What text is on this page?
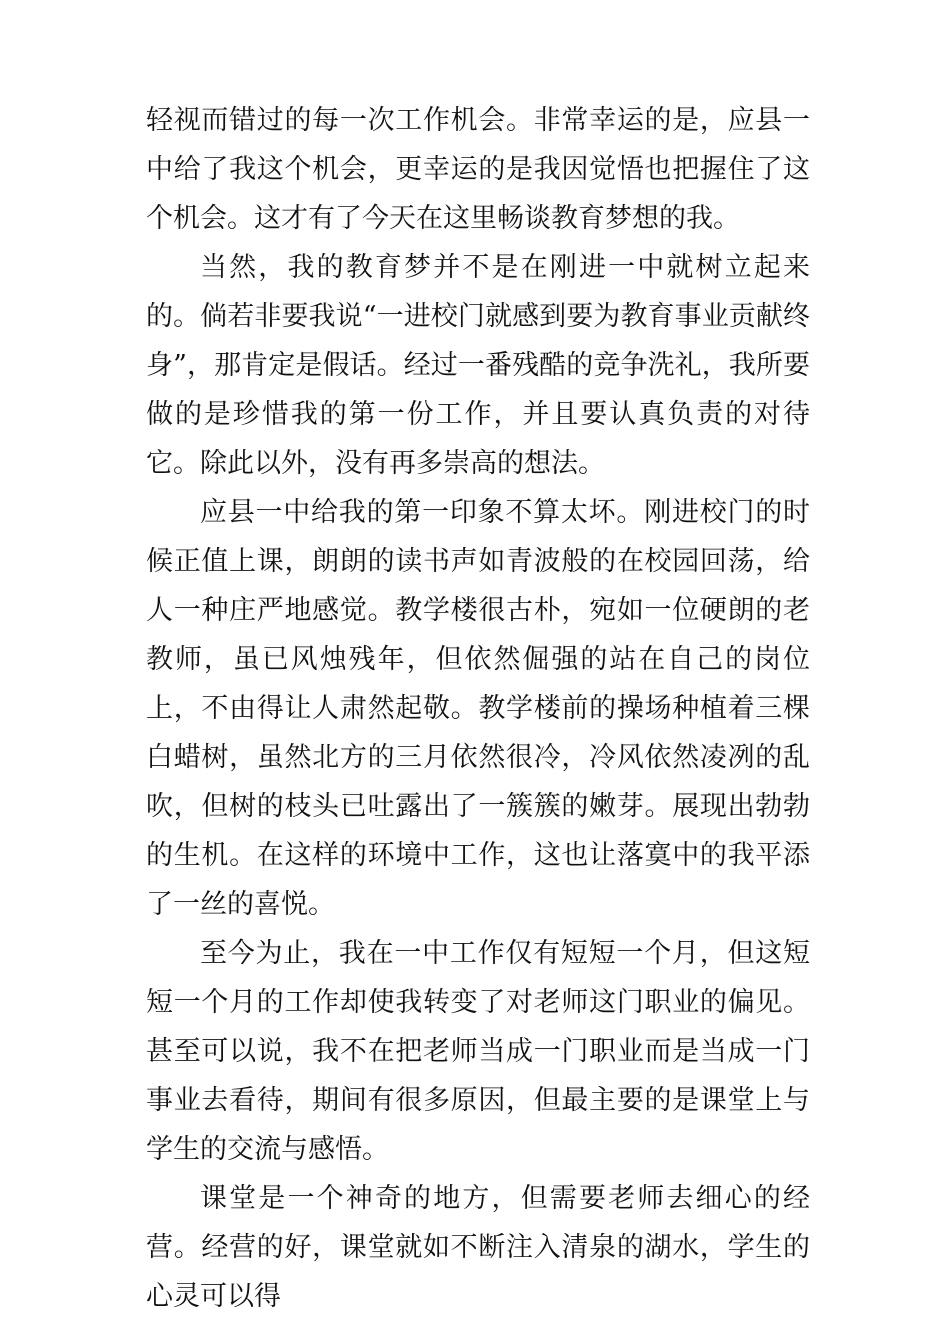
轻视而错过的每一次工作机会。非常幸运的是，应县一中给了我这个机会，更幸运的是我因觉悟也把握住了这个机会。这才有了今天在这里畅谈教育梦想的我。

当然，我的教育梦并不是在刚进一中就树立起来的。倘若非要我说“一进校门就感到要为教育事业贡献终身”，那肯定是假话。经过一番残酷的竞争洗礼，我所要做的是珍惜我的第一份工作，并且要认真负责的对待它。除此以外，没有再多崇高的想法。

应县一中给我的第一印象不算太坏。刚进校门的时候正值上课，朗朗的读书声如青波般的在校园回荡，给人一种庄严地感觉。教学楼很古朴，宛如一位硬朗的老教师，虽已风烛残年，但依然倔强的站在自己的岗位上，不由得让人肃然起敬。教学楼前的操场种植着三棵白蜡树，虽然北方的三月依然很冷，冷风依然凌冽的乱吹，但树的枝头已吐露出了一簇簇的嫩芽。展现出勃勃的生机。在这样的环境中工作，这也让落寞中的我平添了一丝的喜悦。

至今为止，我在一中工作仅有短短一个月，但这短短一个月的工作却使我转变了对老师这门职业的偏见。甚至可以说，我不在把老师当成一门职业而是当成一门事业去看待，期间有很多原因，但最主要的是课堂上与学生的交流与感悟。

课堂是一个神奇的地方，但需要老师去细心的经营。经营的好，课堂就如不断注入清泉的湖水，学生的心灵可以得
